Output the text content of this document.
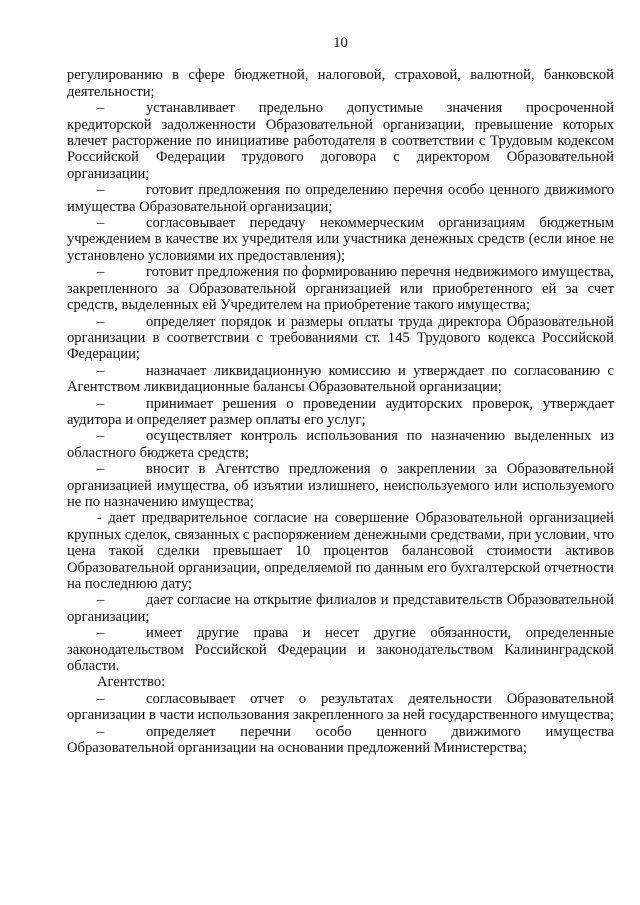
10

регулированию в сфере бюджетной, налоговой, страховой, валютной, банковской деятельности;

–	устанавливает предельно допустимые значения просроченной кредиторской задолженности Образовательной организации, превышение которых влечет расторжение по инициативе работодателя в соответствии с Трудовым кодексом Российской Федерации трудового договора с директором Образовательной организации;

–	готовит предложения по определению перечня особо ценного движимого имущества Образовательной организации;

–	согласовывает передачу некоммерческим организациям бюджетным учреждением в качестве их учредителя или участника денежных средств (если иное не установлено условиями их предоставления);

–	готовит предложения по формированию перечня недвижимого имущества, закрепленного за Образовательной организацией или приобретенного ей за счет средств, выделенных ей Учредителем на приобретение такого имущества;

–	определяет порядок и размеры оплаты труда директора Образовательной организации в соответствии с требованиями ст. 145 Трудового кодекса Российской Федерации;

–	назначает ликвидационную комиссию и утверждает по согласованию с Агентством ликвидационные балансы Образовательной организации;

–	принимает решения о проведении аудиторских проверок, утверждает аудитора и определяет размер оплаты его услуг;

–	осуществляет контроль использования по назначению выделенных из областного бюджета средств;

–	вносит в Агентство предложения о закреплении за Образовательной организацией имущества, об изъятии излишнего, неиспользуемого или используемого не по назначению имущества;

- дает предварительное согласие на совершение Образовательной организацией крупных сделок, связанных с распоряжением денежными средствами, при условии, что цена такой сделки превышает 10 процентов балансовой стоимости активов Образовательной организации, определяемой по данным его бухгалтерской отчетности на последнюю дату;

–	дает согласие на открытие филиалов и представительств Образовательной организации;

–	имеет другие права и несет другие обязанности, определенные законодательством Российской Федерации и законодательством Калининградской области.

Агентство:

–	согласовывает отчет о результатах деятельности Образовательной организации в части использования закрепленного за ней государственного имущества;

–	определяет перечни особо ценного движимого имущества Образовательной организации на основании предложений Министерства;
